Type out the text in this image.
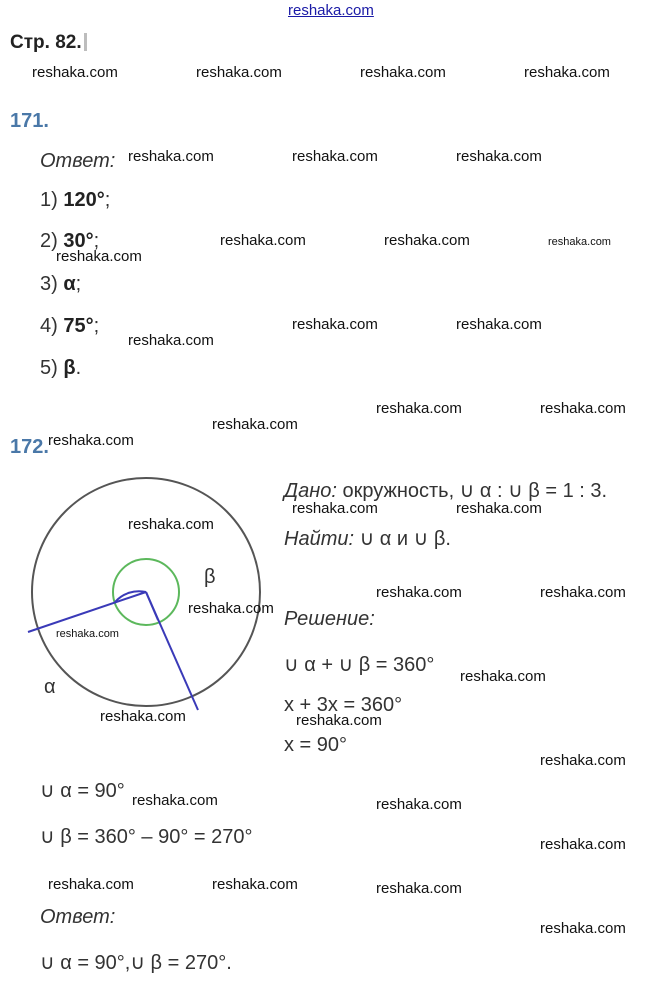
reshaka.com
Стр. 82.
reshaka.com	reshaka.com	reshaka.com	reshaka.com
171.
Ответ: reshaka.com	reshaka.com	reshaka.com
1) 120°;
2) 30°;	reshaka.com	reshaka.com	reshaka.com
reshaka.com
3) α;
4) 75°;	reshaka.com	reshaka.com
reshaka.com
5) β.
reshaka.com	reshaka.com
reshaka.com
172. reshaka.com
α
β
reshaka.com
reshaka.com
reshaka.com
reshaka.com
Дано: окружность, ∪ α : ∪ β = 1 : 3.
reshaka.com	reshaka.com
Найти: ∪ α и ∪ β.
reshaka.com	reshaka.com
Решение:
∪ α + ∪ β = 360°
reshaka.com
x + 3x = 360°
reshaka.com
x = 90°
reshaka.com
∪ α = 90° reshaka.com	reshaka.com
∪ β = 360° – 90° = 270°	reshaka.com
reshaka.com	reshaka.com	reshaka.com
Ответ:
reshaka.com
∪ α = 90°,∪ β = 270°.
